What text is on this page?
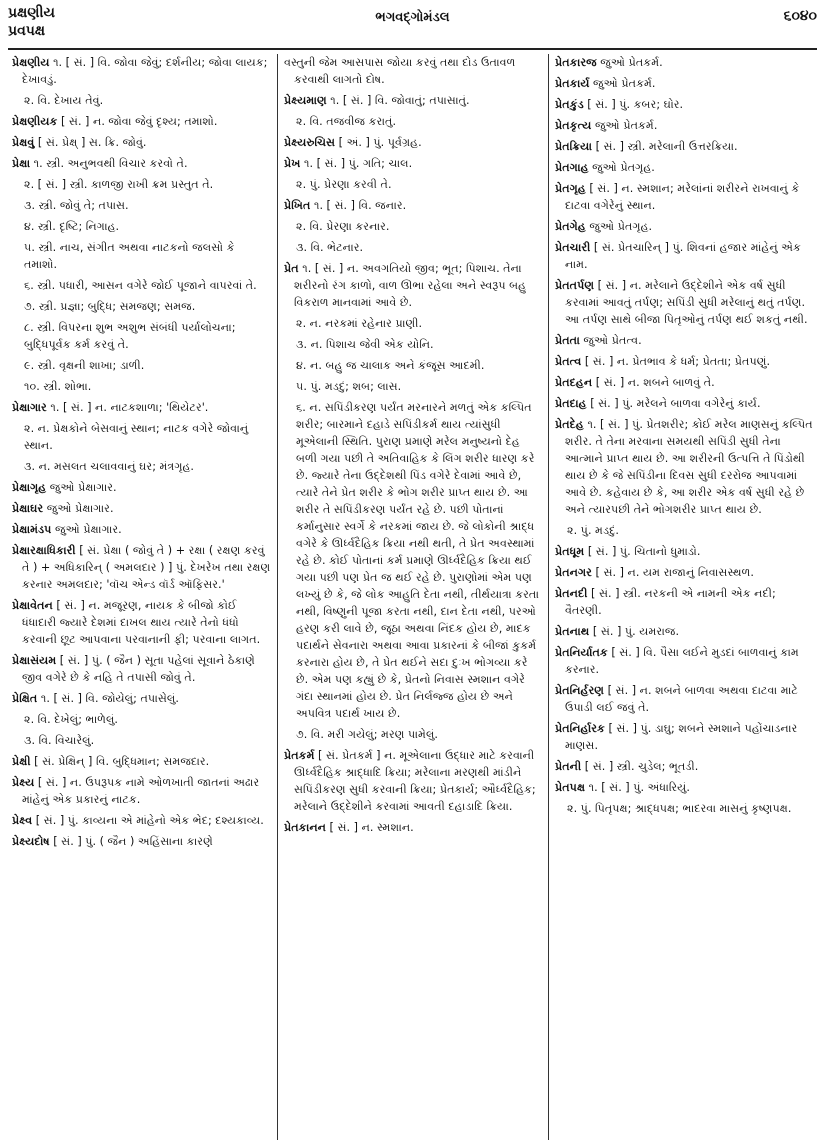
પ્રક્ષણીય
પ્રવપક્ષ
ભગવદ્ગોમંડલ	૬૦૪૦
પ્રેક્ષણીય ૧. [ સં. ] વિ. જોવા જેવું; દર્શનીય; જોવા લાયક; દેખાવડું.
૨. વિ. દેખાય તેવું.
પ્રેક્ષણીયક [ સં. ] ન. જોવા જેવું દૃશ્ય; તમાશો.
પ્રેક્ષવું [ સં. પ્રેક્ષ્ ] સ. ક્રિ. જોવું.
પ્રેક્ષા ૧. સ્ત્રી. અનુભવથી વિચાર કરવો તે.
૨. [ સં. ] સ્ત્રી. કાળજી રાખી ક્રમ પ્રસ્તુત તે.
૩. સ્ત્રી. જોવું તે; તપાસ.
૪. સ્ત્રી. દૃષ્ટિ; નિગાહ.
૫. સ્ત્રી. નાચ, સંગીત અથવા નાટકનો જલસો કે તમાશો.
૬. સ્ત્રી. પધારી, આસન વગેરે જોઈ પૂજાને વાપરવાં તે.
૭. સ્ત્રી. પ્રજ્ઞા; બુદ્ધિ; સમજણ; સમજ.
૮. સ્ત્રી. વિપરના શુભ અશુભ સંબંધી પર્યાલોચના; બુદ્ધિપૂર્વક કર્મ કરવું તે.
૯. સ્ત્રી. વૃક્ષની શાખા; ડાળી.
૧૦. સ્ત્રી. શોભા.
પ્રેક્ષાગાર ૧. [ સં. ] ન. નાટકશાળા; 'થિયેટર'.
૨. ન. પ્રેક્ષકોને બેસવાનું સ્થાન; નાટક વગેરે જોવાનું સ્થાન.
૩. ન. મસલત ચલાવવાનું ઘર; મંત્રગૃહ.
પ્રેક્ષાગૃહ જુઓ પ્રેક્ષાગાર.
પ્રેક્ષાઘર જુઓ પ્રેક્ષાગાર.
પ્રેક્ષામંડપ જુઓ પ્રેક્ષાગાર.
પ્રેક્ષારક્ષાધિકારી [ સં. પ્રેક્ષા ( જોવું તે ) + રક્ષા ( રક્ષણ કરવું તે ) + અધિકારિન્ ( અમલદાર ) ] પું. દેખરેખ તથા રક્ષણ કરનાર અમલદાર; 'વૉચ એન્ડ વૉર્ડ ઑફિસર.'
પ્રેક્ષાવેતન [ સં. ] ન. મજૂરણ, નાયક કે બીજો કોઈ ધંધાદારી જ્યારે દેશમાં દાખલ થાય ત્યારે તેનો ધંધો કરવાની છૂટ આપવાના પરવાનાની ફી; પરવાના લાગત.
પ્રેક્ષાસંયમ [ સં. ] પું. ( જૈન ) સૂતા પહેલાં સૂવાને ઠેકાણે જીવ વગેરે છે કે નહિ તે તપાસી જોવું તે.
પ્રેક્ષિત ૧. [ સં. ] વિ. જોયેલું; તપાસેલું.
૨. વિ. દેખેલું; ભાળેલું.
૩. વિ. વિચારેલું.
પ્રેક્ષી [ સં. પ્રેક્ષિન્ ] વિ. બુદ્ધિમાન; સમજદાર.
પ્રેક્ષ્ય [ સં. ] ન. ઉપરૂપક નામે ઓળખાતી જાતનાં અઢાર માંહેનું એક પ્રકારનું નાટક.
પ્રેક્ષ્વ [ સં. ] પું. કાવ્યના એ માંહેનો એક ભેદ; દશ્યકાવ્ય.
પ્રેક્ષ્યદોષ [ સં. ] પું. ( જૈન ) અહિંસાના કારણે
વસ્તુની જેમ આસપાસ જોયા કરવું તથા દોડ ઉતાવળ કરવાથી લાગતો દોષ.
પ્રેક્ષ્યમાણ ૧. [ સં. ] વિ. જોવાતું; તપાસાતું.
૨. વિ. તજવીજ કરાતું.
પ્રેક્ષ્યરુચિસ [ અં. ] પું. પૂર્વગ્રહ.
પ્રેખ ૧. [ સં. ] પું. ગતિ; ચાલ.
૨. પું. પ્રેરણા કરવી તે.
પ્રેખિત ૧. [ સં. ] વિ. જનાર.
૨. વિ. પ્રેરણા કરનાર.
૩. વિ. ભેટનાર.
પ્રેત ૧. [ સં. ] ન. અવગતિયો જીવ; ભૂત; પિશાચ. તેના શરીરનો રંગ કાળો, વાળ ઊભા રહેલા અને સ્વરૂપ બહુ વિકરાળ માનવામાં આવે છે.
૨. ન. નરકમાં રહેનાર પ્રાણી.
૩. ન. પિશાચ જેવી એક યોનિ.
૪. ન. બહુ જ ચાલાક અને કંજૂસ આદમી.
૫. પું. મડદું; શબ; લાસ.
૬. ન. સપિંડીકરણ પર્યંત મરનારને મળતું એક કલ્પિત શરીર; બારમાને દહાડે સપિંડીકર્મ થાય ત્યાંસુધી મૂએલાની સ્થિતિ. પુરાણ પ્રમાણે મરેલ મનુષ્યનો દેહ બળી ગયા પછી તે અતિવાહિક કે લિંગ શરીર ધારણ કરે છે. જ્યારે તેના ઉદ્દેશથી પિંડ વગેરે દેવામાં આવે છે, ત્યારે તેને પ્રેત શરીર કે ભોગ શરીર પ્રાપ્ત થાય છે. આ શરીર તે સપિંડીકરણ પર્યંત રહે છે. પછી પોતાનાં કર્માનુસાર સ્વર્ગે કે નરકમાં જાય છે. જે લોકોની શ્રાદ્ધ વગેરે કે ઊર્ધ્વદૈહિક ક્રિયા નથી થતી, તે પ્રેત અવસ્થામાં રહે છે. કોઈ પોતાનાં કર્મ પ્રમાણે ઊર્ધ્વદૈહિક ક્રિયા થઈ ગયા પછી પણ પ્રેત જ થઈ રહે છે. પુરાણોમાં એમ પણ લખ્યું છે કે, જે લોક આહુતિ દેતા નથી, તીર્થયાત્રા કરતા નથી, વિષ્ણુની પૂજા કરતા નથી, દાન દેતા નથી, પરઓ હરણ કરી લાવે છે, જૂઠા અથવા નિંદક હોય છે, માદક પદાર્થને સેવનારા અથવા આવા પ્રકારનાં કે બીજાં કુકર્મ કરનારા હોય છે, તે પ્રેત થઈને સદા દુઃખ ભોગવ્યા કરે છે. એમ પણ કહ્યું છે કે, પ્રેતનો નિવાસ સ્મશાન વગેરે ગંદા સ્થાનમાં હોય છે. પ્રેત નિર્લજ્જ હોય છે અને અપવિત્ર પદાર્થ ખાય છે.
૭. વિ. મરી ગયેલું; મરણ પામેલું.
પ્રેતકર્મ [ સં. પ્રેતકર્મ ] ન. મૂએલાના ઉદ્ધાર માટે કરવાની ઊર્ધ્વદૈહિક શ્રાદ્ધાદિ ક્રિયા; મરેલાના મરણથી માંડીને સપિંડીકરણ સુધી કરવાની ક્રિયા; પ્રેતકાર્ય; ઔર્ધ્વદૈહિક; મરેલાને ઉદ્દેશીને કરવામાં આવતી દહાડાદિ ક્રિયા.
પ્રેતકાનન [ સં. ] ન. સ્મશાન.
પ્રેતકારજ જુઓ પ્રેતકર્મ.
પ્રેતકાર્ય જુઓ પ્રેતકર્મ.
પ્રેતકુંડ [ સં. ] પું. કબર; ઘોર.
પ્રેતકૃત્ય જુઓ પ્રેતકર્મ.
પ્રેતક્રિયા [ સં. ] સ્ત્રી. મરેલાની ઉત્તરક્રિયા.
પ્રેતગાહ જુઓ પ્રેતગૃહ.
પ્રેતગૃહ [ સં. ] ન. સ્મશાન; મરેલાંનાં શરીરને રાખવાનું કે દાટવા વગેરેનું સ્થાન.
પ્રેતગેહ જુઓ પ્રેતગૃહ.
પ્રેતચારી [ સં. પ્રેતચારિન્ ] પું. શિવનાં હજાર માંહેનું એક નામ.
પ્રેતતર્પણ [ સં. ] ન. મરેલાને ઉદ્દેશીને એક વર્ષ સુધી કરવામાં આવતું તર્પણ; સપિંડી સુધી મરેલાનું થતું તર્પણ. આ તર્પણ સાથે બીજા પિતૃઓનું તર્પણ થઈ શકતું નથી.
પ્રેતતા જુઓ પ્રેતત્વ.
પ્રેતત્વ [ સં. ] ન. પ્રેતભાવ કે ધર્મ; પ્રેતતા; પ્રેતપણું.
પ્રેતદહન [ સં. ] ન. શબને બાળવું તે.
પ્રેતદાહ [ સં. ] પું. મરેલને બાળવા વગેરેનું કાર્ય.
પ્રેતદેહ ૧. [ સં. ] પું. પ્રેતશરીર; કોઈ મરેલ માણસનું કલ્પિત શરીર. તે તેના મરવાના સમયથી સપિંડી સુધી તેના આત્માને પ્રાપ્ત થાય છે. આ શરીરની ઉત્પત્તિ તે પિંડોથી થાય છે કે જે સપિંડીના દિવસ સુધી દરરોજ આપવામાં આવે છે. કહેવાય છે કે, આ શરીર એક વર્ષ સુધી રહે છે અને ત્યારપછી તેને ભોગશરીર પ્રાપ્ત થાય છે.
૨. પું. મડદું.
પ્રેતધૂમ [ સં. ] પું. ચિતાનો ધુમાડો.
પ્રેતનગર [ સં. ] ન. યમ રાજાનું નિવાસસ્થળ.
પ્રેતનદી [ સં. ] સ્ત્રી. નરકની એ નામની એક નદી; વૈતરણી.
પ્રેતનાથ [ સં. ] પું. યમરાજ.
પ્રેતનિર્યાતક [ સં. ] વિ. પૈસા લઈને મુડદાં બાળવાનું કામ કરનાર.
પ્રેતનિર્હરણ [ સં. ] ન. શબને બાળવા અથવા દાટવા માટે ઉપાડી લઈ જવું તે.
પ્રેતનિર્હારક [ સં. ] પું. ડાઘુ; શબને સ્મશાને પહોંચાડનાર માણસ.
પ્રેતની [ સં. ] સ્ત્રી. ચુડેલ; ભૂતડી.
પ્રેતપક્ષ ૧. [ સં. ] પું. અંધારિયું.
૨. પું. પિતૃપક્ષ; શ્રાદ્ધપક્ષ; ભાદરવા માસનું કૃષ્ણપક્ષ.
